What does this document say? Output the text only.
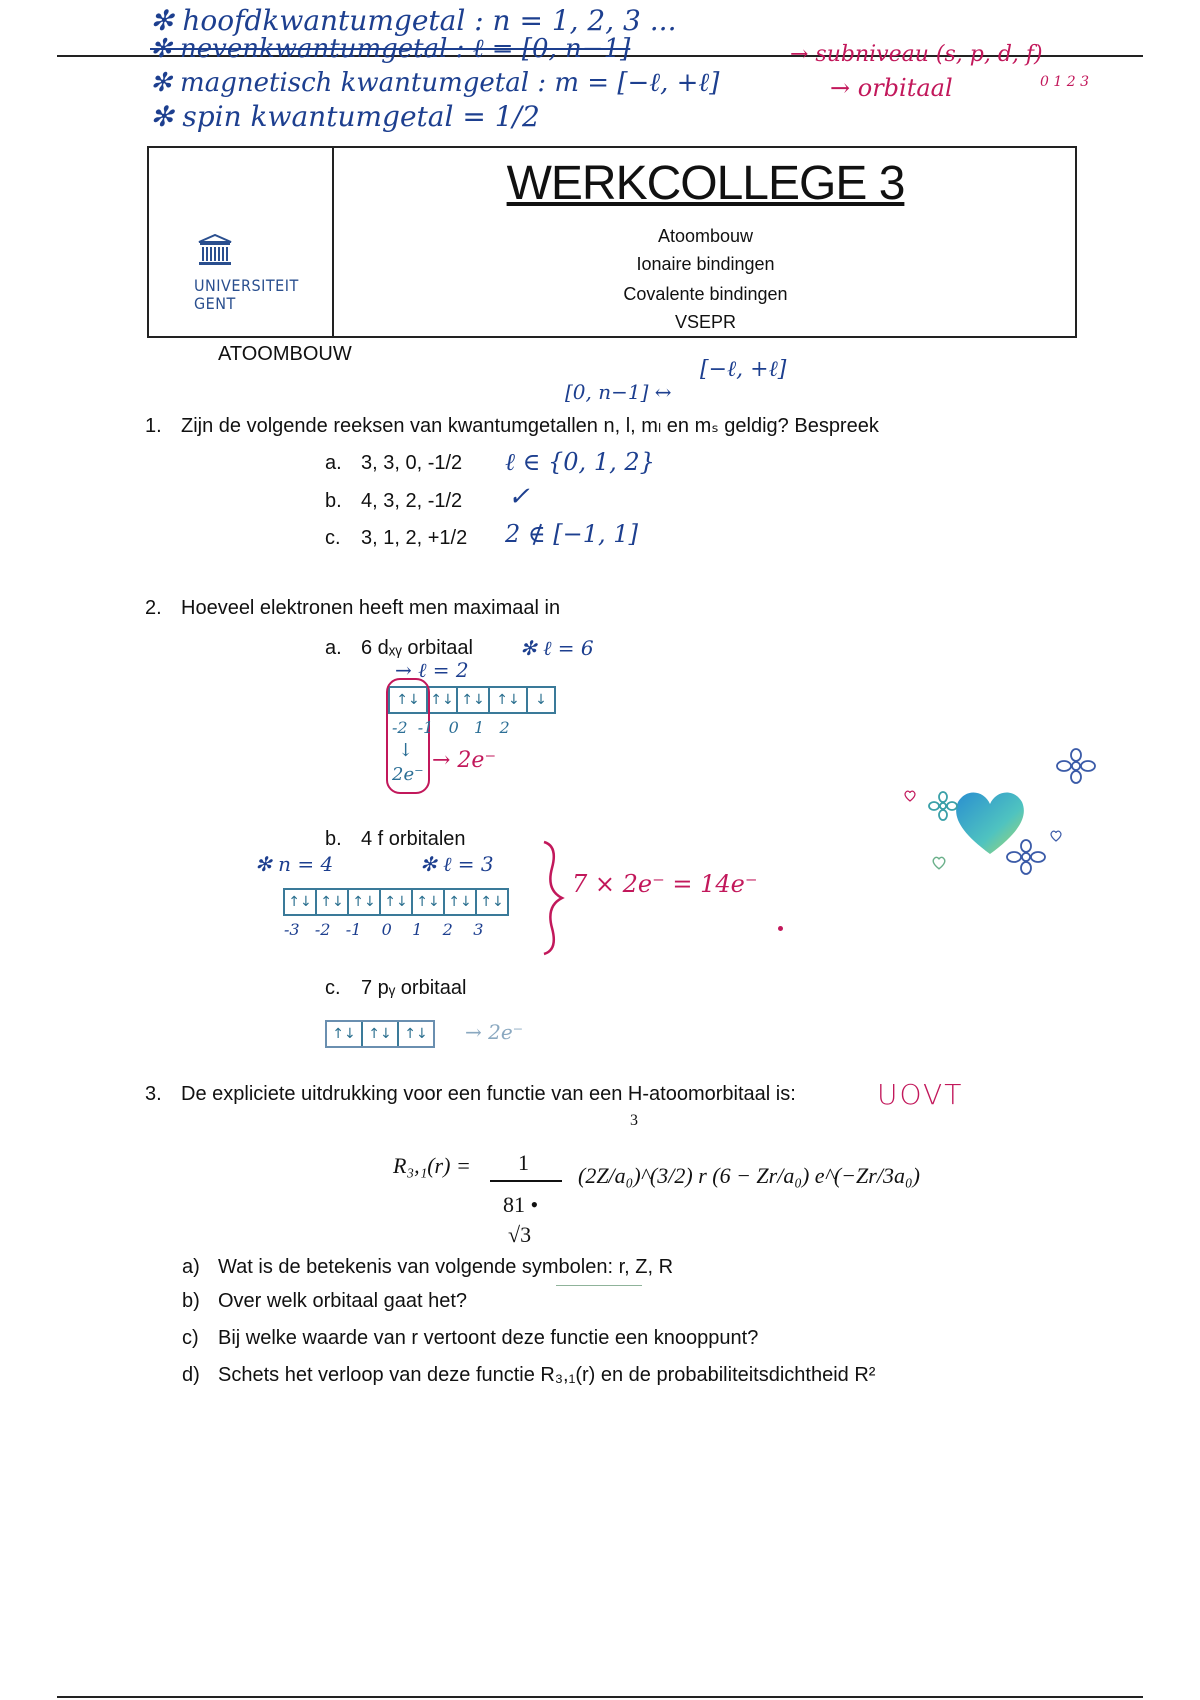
✻ hoofdkwantumgetal : n = 1, 2, 3 ...
✻ nevenkwantumgetal : ℓ = [0, n−1]	→ subniveau (s, p, d, f)
0 1 2 3
✻ magnetisch kwantumgetal : m = [−ℓ, +ℓ]	→ orbitaal
✻ spin kwantumgetal = 1/2
UNIVERSITEIT
GENT
WERKCOLLEGE 3
Atoombouw
Ionaire bindingen
Covalente bindingen
VSEPR
ATOOMBOUW
[0, n−1] ↔
[−ℓ, +ℓ]
1. Zijn de volgende reeksen van kwantumgetallen n, l, mₗ en mₛ geldig? Bespreek
a. 3, 3, 0, -1/2 ℓ ∈ {0, 1, 2}
b. 4, 3, 2, -1/2 ✓
c. 3, 1, 2, +1/2 2 ∉ [−1, 1]
2. Hoeveel elektronen heeft men maximaal in
a. 6 dₓᵧ orbitaal ✻ ℓ = 6
→ ℓ = 2
↑↓ ↑↓ ↑↓ ↑↓	↓
-2  -1   0   1   2
↓
2e⁻
→ 2e⁻
b. 4 f orbitalen
✻ n = 4	✻ ℓ = 3
↑↓ ↑↓ ↑↓ ↑↓ ↑↓ ↑↓ ↑↓
-3   -2   -1    0    1    2    3
7 × 2e⁻ = 14e⁻
c. 7 pᵧ orbitaal
↑↓ ↑↓ ↑↓ → 2e⁻
3. De expliciete uitdrukking voor een functie van een H-atoomorbitaal is:	UOVT
3
R₃,₁(r) = 1
81 •
√3
(2Z/a₀)^(3/2) r (6 − Zr/a₀) e^(−Zr/3a₀)
a) Wat is de betekenis van volgende symbolen: r, Z, R
b) Over welk orbitaal gaat het?
c) Bij welke waarde van r vertoont deze functie een knooppunt?
d) Schets het verloop van deze functie R₃,₁(r) en de probabiliteitsdichtheid R²
